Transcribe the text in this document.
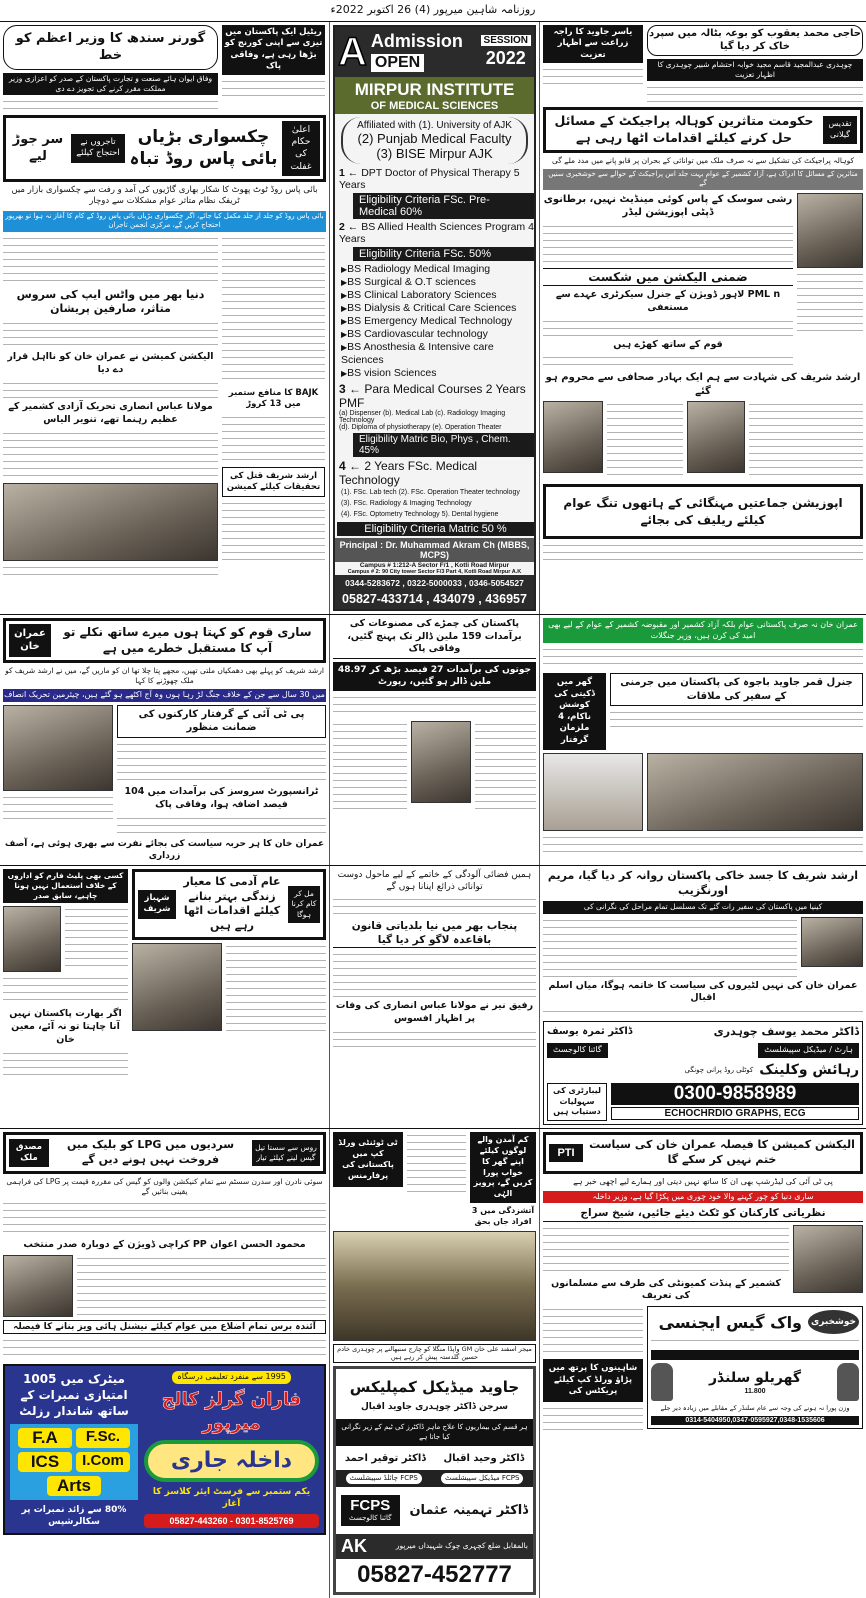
روزنامہ شاہین میرپور (4) 26 اکتوبر 2022ء
گورنر سندھ کا وزیر اعظم کو خط
وفاق ایوان ہائے صنعت و تجارت پاکستان کے صدر کو اعزازی وزیر مملکت مقرر کرنے کی تجویز دے دی
ریٹیل ایک پاکستان میں تیزی سے اپنی کورنج کو بڑھا رہی ہے، وفاقی پاک
سر جوڑ لیے
تاجروں نے احتجاج کیلئے
چکسواری بڑیاں بائی پاس روڈ تباہ
اعلیٰ حکام کی غفلت
بائی پاس روڈ ٹوٹ پھوٹ کا شکار بھاری گاڑیوں کی آمد و رفت سے چکسواری بازار میں ٹریفک نظام متاثر عوام مشکلات سے دوچار
بائی پاس روڈ کو جلد از جلد مکمل کیا جائے، اگر چکسواری بڑیاں بائی پاس روڈ کے کام کا آغاز نہ ہوا تو بھرپور احتجاج کریں گے، مرکزی انجمن تاجران
دنیا بھر میں واٹس ایپ کی سروس متاثر، صارفین پریشان
الیکشن کمیشن نے عمران خان کو نااہل قرار دے دیا
مولانا عباس انصاری تحریک آزادی کشمیر کے عظیم رہنما تھے، تنویر الیاس
BAJK کا منافع ستمبر میں 13 کروڑ
ارشد شریف قتل کی تحقیقات کیلئے کمیشن
A Admission
OPEN
SESSION
2022
MIRPUR INSTITUTE
OF MEDICAL SCIENCES
Affiliated with (1). University of AJK
(2) Punjab Medical Faculty
(3) BISE Mirpur AJK
1 ← DPT Doctor of Physical Therapy 5 Years
Eligibility Criteria FSc. Pre- Medical 60%
2 ← BS Allied Health Sciences Program 4 Years
Eligibility Criteria FSc. 50%
▶ BS Radiology Medical Imaging
▶ BS Surgical & O.T sciences
▶ BS Clinical Laboratory Sciences
▶ BS Dialysis & Critical Care Sciences
▶ BS Emergency Medical Technology
▶ BS Cardiovascular technology
▶ BS Anosthesia & Intensive care Sciences
▶ BS vision Sciences
3 ← Para Medical Courses 2 Years PMF
(a) Dispenser (b). Medical Lab (c). Radiology Imaging Technology
(d). Diploma of physiotherapy (e). Operation Theater
Eligibility Matric Bio, Phys , Chem. 45%
4 ← 2 Years FSc. Medical Technology
(1). FSc. Lab tech (2). FSc. Operation Theater technology
(3). FSc. Radiology & Imaging Technology
(4). FSc. Optometry Technology 5). Dental hygiene
Eligibility Criteria Matric 50 %
Principal : Dr. Muhammad Akram Ch (MBBS, MCPS)
Campus # 1:212-A Sector F/1 , Kotli Road Mirpur
Campus # 2: 90 City tower Sector F/3 Part 4, Kotli Road Mirpur A.K
0344-5283672 , 0322-5000033 , 0346-5054527
05827-433714 , 434079 , 436957
یاسر جاوید کا راجہ زراعت سے اظہار تعزیت
حاجی محمد یعقوب کو بوعہ بٹالہ میں سپرد خاک کر دیا گیا
چوہدری عبدالمجید قاسم مجید خوابہ احتشام شبیر چوہدری کا اظہار تعزیت
حکومت متاثرین کوہالہ پراجیکٹ کے مسائل حل کرنے کیلئے اقدامات اٹھا رہی ہے
تقدیس گیلانی
کوہالہ پراجیکٹ کی تشکیل سے نہ صرف ملک میں توانائی کے بحران پر قابو پانے میں مدد ملے گی
متاثرین کے مسائل کا ادراک ہے، آزاد کشمیر کے عوام بہت جلد اس پراجیکٹ کے حوالے سے خوشخبری سنیں گے
رشی سوسک کے پاس کوئی مینڈیٹ نہیں، برطانوی ڈپٹی اپوزیشن لیڈر
ضمنی الیکشن میں شکست
PML n لاہور ڈویژن کے جنرل سیکرٹری عہدے سے مستعفی
قوم کے ساتھ کھڑے ہیں
ارشد شریف کی شہادت سے ہم ایک بہادر صحافی سے محروم ہو گئے
اپوزیشن جماعتیں مہنگائی کے ہاتھوں تنگ عوام کیلئے ریلیف کی بجائے
عمران خان
ساری قوم کو کہتا ہوں میرے ساتھ نکلے تو آپ کا مستقبل خطرے میں ہے
ارشد شریف کو پہلے بھی دھمکیاں ملتی تھیں، مجھے پتا چلا تھا ان کو ماریں گے، میں نے ارشد شریف کو ملک چھوڑنے کا کہا
میں 30 سال سے جن کے خلاف جنگ لڑ رہا ہوں وہ آج اکٹھے ہو گئے ہیں، چیئرمین تحریک انصاف
پی ٹی آئی کے گرفتار کارکنوں کی ضمانت منظور
ٹرانسپورٹ سروسز کی برآمدات میں 104 فیصد اضافہ ہوا، وفاقی پاک
عمران خان کا ہر حربہ سیاست کی بجائے نفرت سے بھری ہوئی ہے، آصف زرداری
پاکستان کی چمڑے کی مصنوعات کی برآمدات 159 ملین ڈالر تک پہنچ گئیں، وفاقی پاک
جوتوں کی برآمدات 27 فیصد بڑھ کر 48.97 ملین ڈالر ہو گئیں، رپورٹ
عمران خان نہ صرف پاکستانی عوام بلکہ آزاد کشمیر اور مقبوضہ کشمیر کے عوام کے لیے بھی امید کی کرن ہیں، وزیر جنگلات
گھر میں ڈکیتی کی کوشش ناکام، 4 ملزمان گرفتار
جنرل قمر جاوید باجوہ کی پاکستان میں جرمنی کے سفیر کی ملاقات
کسی بھی پلیٹ فارم کو اداروں کے خلاف استعمال نہیں ہونا چاہیے، سابق صدر
اگر بھارت پاکستان نہیں آنا چاہتا تو نہ آئے، معین خان
شہباز شریف
عام آدمی کا معیار زندگی بہتر بنانے کیلئے اقدامات اٹھا رہے ہیں
مل کر کام کرنا ہوگا
ہمیں فضائی آلودگی کے خاتمے کے لیے ماحول دوست توانائی ذرائع اپنانا ہوں گے
پنجاب بھر میں نیا بلدیاتی قانون باقاعدہ لاگو کر دیا گیا
رفیق نیر نے مولانا عباس انصاری کی وفات پر اظہار افسوس
ارشد شریف کا جسد خاکی پاکستان روانہ کر دیا گیا، مریم اورنگزیب
کینیا میں پاکستان کی سفیر رات گئے تک مسلسل تمام مراحل کی نگرانی کی
عمران خان کی نہیں لٹیروں کی سیاست کا خاتمہ ہوگا، میاں اسلم اقبال
ڈاکٹر ثمرہ یوسف	ڈاکٹر محمد یوسف چوہدری
گائنا کالوجسٹ	ہارٹ / میڈیکل سپیشلسٹ
کوٹلی روڈ پرانی چونگی رہائش وکلینک
لیبارٹری کی سہولیات دستیاب ہیں
0300-9858989
ECHOCHRDIO GRAPHS, ECG
مصدق ملک
سردیوں میں LPG کو بلیک میں فروخت نہیں ہونے دیں گے
روس سے سستا تیل گیس لینے کیلئے تیار
سوئی نادرن اور سدرن سسٹم سے تمام کنیکشن والوں کو گیس کی مقررہ قیمت پر LPG کی فراہمی یقینی بنائیں گے
محمود الحسن اعوان PP کراچی ڈویژن کے دوبارہ صدر منتخب
آئندہ برس تمام اضلاع میں عوام کیلئے نیشنل ہائی ویز بنانے کا فیصلہ
میٹرک میں 1005 امتیازی نمبرات کے ساتھ شاندار رزلٹ
F.A	F.Sc.
ICS	I.Com
Arts
80% سے زائد نمبرات پر سکالرشپس
1995 سے منفرد تعلیمی درسگاہ
فاران گرلز کالج میرپور
داخلہ جاری
یکم ستمبر سے فرسٹ ایئر کلاسز کا آغاز
05827-443260 - 0301-8525769
ٹی ٹوئنٹی ورلڈ کپ میں پاکستانی کی پرفارمنس
کم آمدن والے لوگوں کیلئے اپنے گھر کا خواب پورا کریں گے، پرویز الہٰی
آتشزدگی میں 3 افراد جاں بحق
میجر اسفند علی خان GM واپڈا منگلا کو چارج سنبھالنے پر چوہدری خادم حسین گلدستہ پیش کر رہے ہیں
جاوید میڈیکل کمپلیکس
سرجن ڈاکٹر چوہدری جاوید اقبال
ہر قسم کی بیماریوں کا علاج ماہر ڈاکٹرز کی ٹیم کے زیر نگرانی کیا جاتا ہے
ڈاکٹر توقیر احمد ڈاکٹر وحید اقبال
FCPS چائلڈ سپیشلسٹ	FCPS میڈیکل سپیشلسٹ
FCPS
گائنا کالوجسٹ
ڈاکٹر تہمینہ عثمان
AK	بالمقابل ضلع کچہری چوک شہیداں میرپور
05827-452777
PTI
الیکشن کمیشن کا فیصلہ عمران خان کی سیاست ختم نہیں کر سکے گا
پی ٹی آئی کی لیڈرشپ بھی ان کا ساتھ نہیں دیتی اور ہمارے لیے اچھی خبر ہے
ساری دنیا کو چور کہنے والا خود چوری میں پکڑا گیا ہے، وزیر داخلہ
نظریاتی کارکنان کو ٹکٹ دیئے جائیں، شیخ سراج
کشمیر کے پنڈت کمیونٹی کی طرف سے مسلمانوں کی تعریف
شاہینوں کا پرتھ میں پڑاؤ ورلڈ کپ کیلئے پریکٹس کی
واک گیس ایجنسی	خوشخبری
گھریلو سلنڈر
11.800
وزن پورا نہ ہونے کی وجہ سے عام سلنڈر کے مقابلے میں زیادہ دیر جلے
0314-5404950,0347-0595927,0348-1535606
